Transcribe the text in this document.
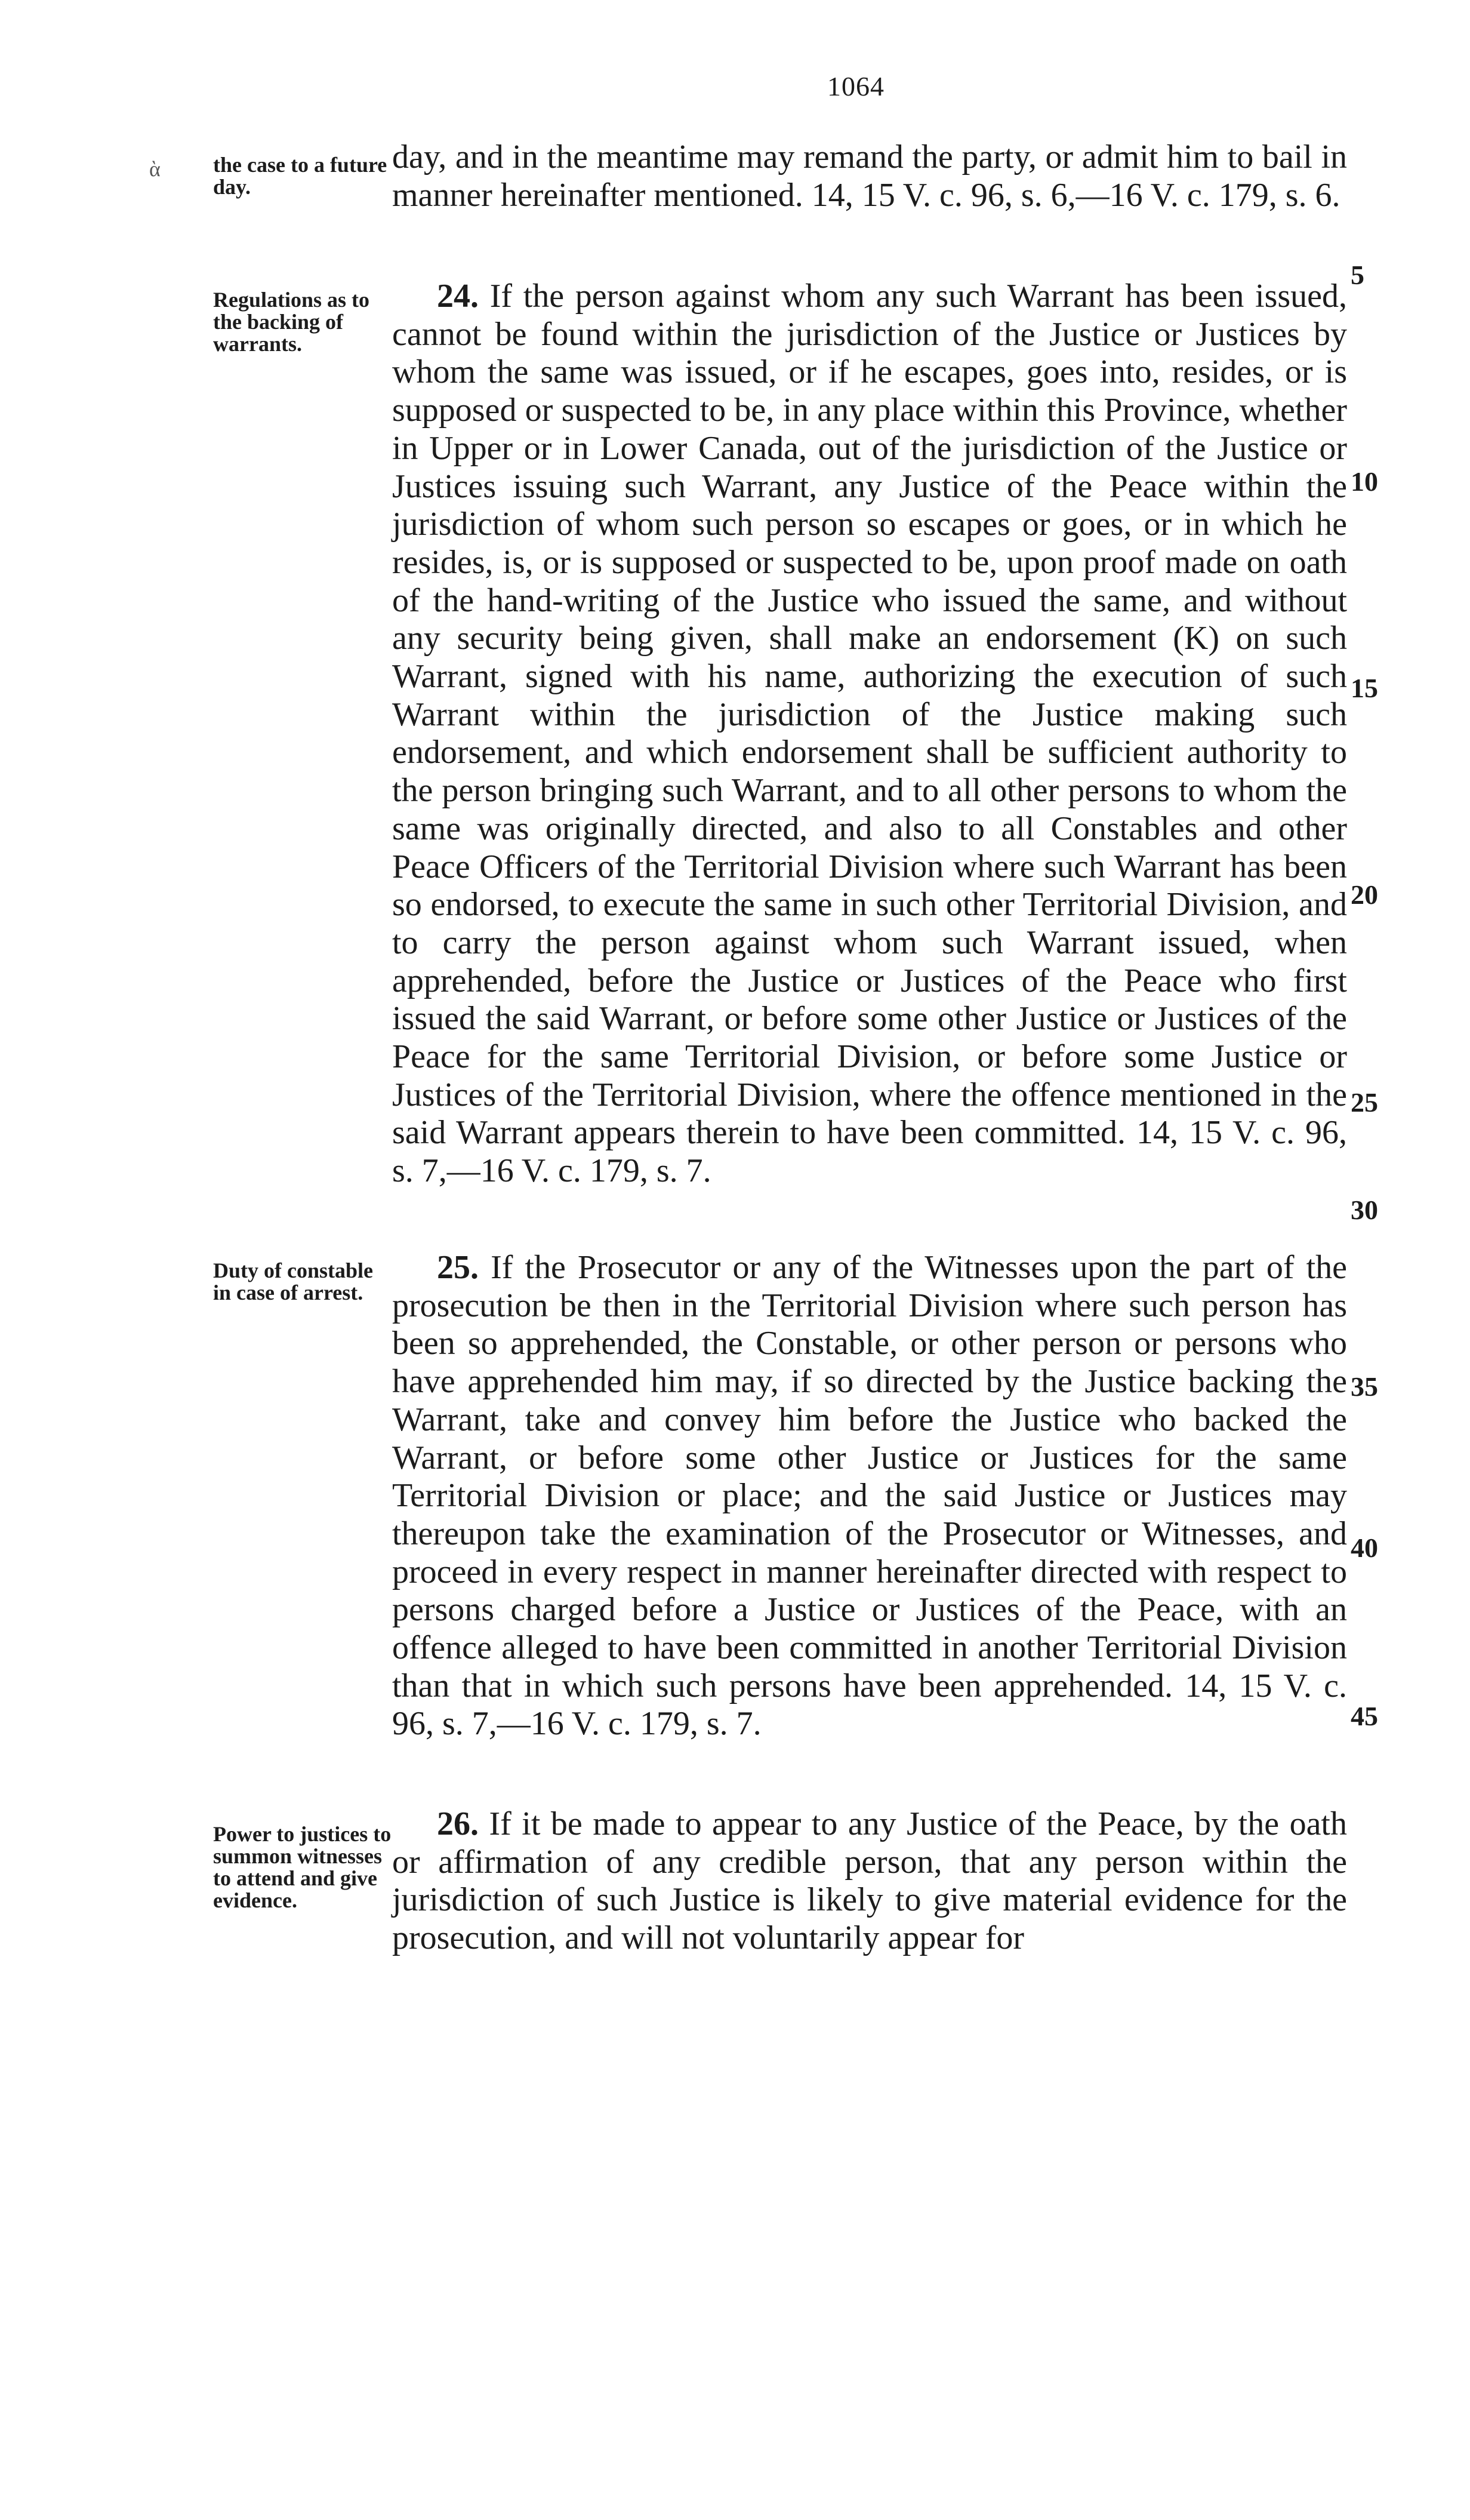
1064
ὰ the case to a future day.

day, and in the meantime may remand the party, or admit him to bail in manner hereinafter mentioned. 14, 15 V. c. 96, s. 6,—16 V. c. 179, s. 6.

Regulations as to the backing of warrants.

24. If the person against whom any such Warrant has been issued, cannot be found within the jurisdiction of the Justice or Justices by whom the same was issued, or if he escapes, goes into, resides, or is supposed or suspected to be, in any place within this Province, whether in Upper or in Lower Canada, out of the jurisdiction of the Justice or Justices issuing such Warrant, any Justice of the Peace within the jurisdiction of whom such person so escapes or goes, or in which he resides, is, or is supposed or suspected to be, upon proof made on oath of the hand-writing of the Justice who issued the same, and without any security being given, shall make an endorsement (K) on such Warrant, signed with his name, authorizing the execution of such Warrant within the jurisdiction of the Justice making such endorsement, and which endorsement shall be sufficient authority to the person bringing such Warrant, and to all other persons to whom the same was originally directed, and also to all Constables and other Peace Officers of the Territorial Division where such Warrant has been so endorsed, to execute the same in such other Territorial Division, and to carry the person against whom such Warrant issued, when apprehended, before the Justice or Justices of the Peace who first issued the said Warrant, or before some other Justice or Justices of the Peace for the same Territorial Division, or before some Justice or Justices of the Territorial Division, where the offence mentioned in the said Warrant appears therein to have been committed. 14, 15 V. c. 96, s. 7,—16 V. c. 179, s. 7.

Duty of constable in case of arrest.

25. If the Prosecutor or any of the Witnesses upon the part of the prosecution be then in the Territorial Division where such person has been so apprehended, the Constable, or other person or persons who have apprehended him may, if so directed by the Justice backing the Warrant, take and convey him before the Justice who backed the Warrant, or before some other Justice or Justices for the same Territorial Division or place; and the said Justice or Justices may thereupon take the examination of the Prosecutor or Witnesses, and proceed in every respect in manner hereinafter directed with respect to persons charged before a Justice or Justices of the Peace, with an offence alleged to have been committed in another Territorial Division than that in which such persons have been apprehended. 14, 15 V. c. 96, s. 7,—16 V. c. 179, s. 7.

Power to justices to summon witnesses to attend and give evidence.

26. If it be made to appear to any Justice of the Peace, by the oath or affirmation of any credible person, that any person within the jurisdiction of such Justice is likely to give material evidence for the prosecution, and will not voluntarily appear for

5
10
15
20
25
30
35
40
45
